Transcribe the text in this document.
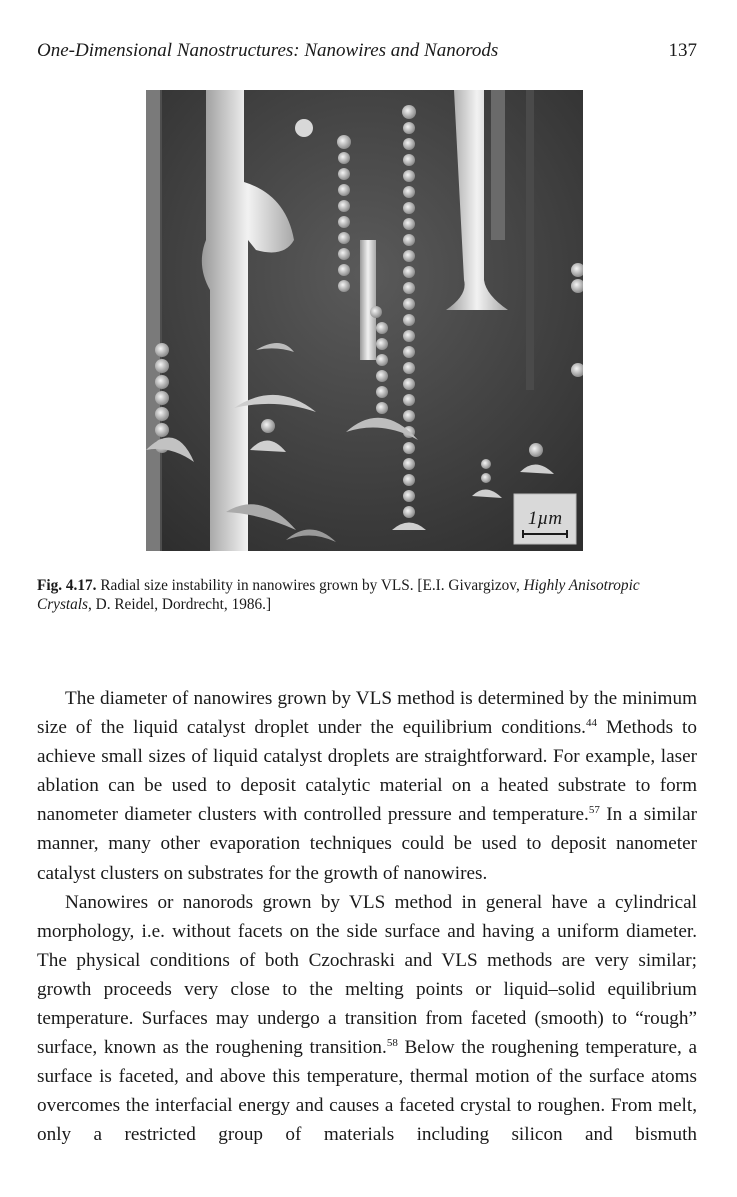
One-Dimensional Nanostructures: Nanowires and Nanorods	137
1µm
Fig. 4.17. Radial size instability in nanowires grown by VLS. [E.I. Givargizov, Highly Anisotropic Crystals, D. Reidel, Dordrecht, 1986.]

The diameter of nanowires grown by VLS method is determined by the minimum size of the liquid catalyst droplet under the equilibrium conditions.$^{44}$ Methods to achieve small sizes of liquid catalyst droplets are straightforward. For example, laser ablation can be used to deposit catalytic material on a heated substrate to form nanometer diameter clusters with controlled pressure and temperature.$^{57}$ In a similar manner, many other evaporation techniques could be used to deposit nanometer catalyst clusters on substrates for the growth of nanowires.

Nanowires or nanorods grown by VLS method in general have a cylindrical morphology, i.e. without facets on the side surface and having a uniform diameter. The physical conditions of both Czochraski and VLS methods are very similar; growth proceeds very close to the melting points or liquid–solid equilibrium temperature. Surfaces may undergo a transition from faceted (smooth) to “rough” surface, known as the roughening transition.$^{58}$ Below the roughening temperature, a surface is faceted, and above this temperature, thermal motion of the surface atoms overcomes the interfacial energy and causes a faceted crystal to roughen. From melt, only a restricted group of materials including silicon and bismuth
